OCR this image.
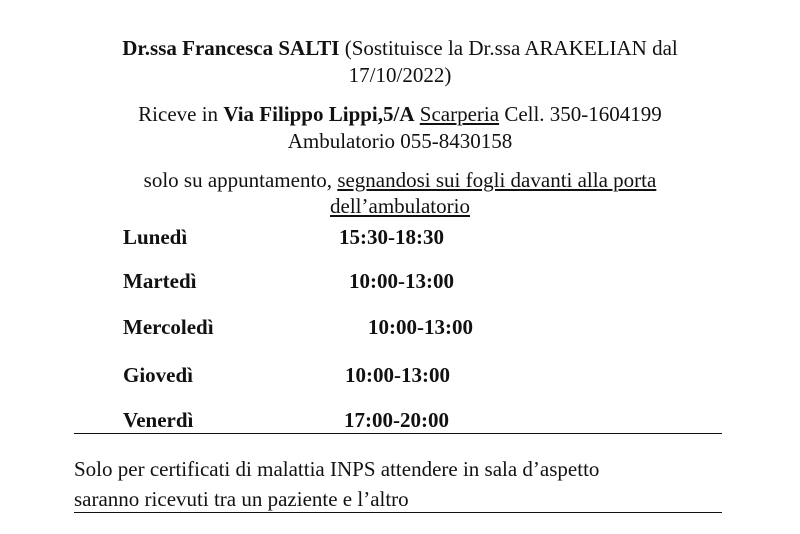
Dr.ssa Francesca SALTI (Sostituisce la Dr.ssa ARAKELIAN dal
17/10/2022)
Riceve in Via Filippo Lippi,5/A Scarperia Cell. 350-1604199
Ambulatorio 055-8430158
solo su appuntamento, segnandosi sui fogli davanti alla porta
dell’ambulatorio
Lunedì	15:30-18:30
Martedì	10:00-13:00
Mercoledì	10:00-13:00
Giovedì	10:00-13:00
Venerdì	17:00-20:00
Solo per certificati di malattia INPS attendere in sala d’aspetto
saranno ricevuti tra un paziente e l’altro
